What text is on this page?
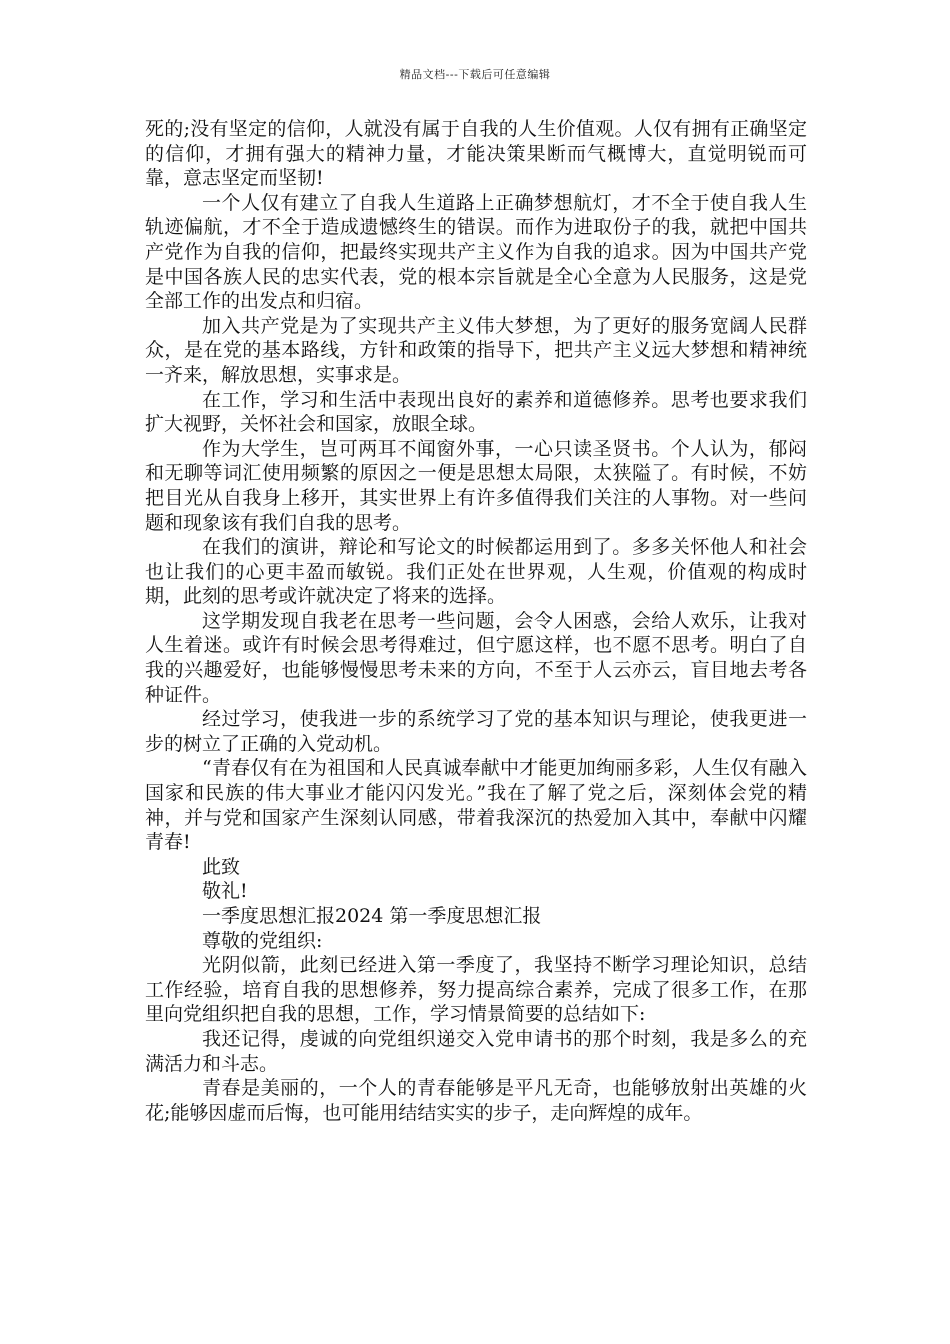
精品文档---下载后可任意编辑

死的;没有坚定的信仰，人就没有属于自我的人生价值观。人仅有拥有正确坚定的信仰，才拥有强大的精神力量，才能决策果断而气概博大，直觉明锐而可靠，意志坚定而坚韧!

一个人仅有建立了自我人生道路上正确梦想航灯，才不全于使自我人生轨迹偏航，才不全于造成遗憾终生的错误。而作为进取份子的我，就把中国共产党作为自我的信仰，把最终实现共产主义作为自我的追求。因为中国共产党是中国各族人民的忠实代表，党的根本宗旨就是全心全意为人民服务，这是党全部工作的出发点和归宿。

加入共产党是为了实现共产主义伟大梦想，为了更好的服务宽阔人民群众，是在党的基本路线，方针和政策的指导下，把共产主义远大梦想和精神统一齐来，解放思想，实事求是。

在工作，学习和生活中表现出良好的素养和道德修养。思考也要求我们扩大视野，关怀社会和国家，放眼全球。

作为大学生，岂可两耳不闻窗外事，一心只读圣贤书。个人认为，郁闷和无聊等词汇使用频繁的原因之一便是思想太局限，太狭隘了。有时候，不妨把目光从自我身上移开，其实世界上有许多值得我们关注的人事物。对一些问题和现象该有我们自我的思考。

在我们的演讲，辩论和写论文的时候都运用到了。多多关怀他人和社会也让我们的心更丰盈而敏锐。我们正处在世界观，人生观，价值观的构成时期，此刻的思考或许就决定了将来的选择。

这学期发现自我老在思考一些问题，会令人困惑，会给人欢乐，让我对人生着迷。或许有时候会思考得难过，但宁愿这样，也不愿不思考。明白了自我的兴趣爱好，也能够慢慢思考未来的方向，不至于人云亦云，盲目地去考各种证件。

经过学习，使我进一步的系统学习了党的基本知识与理论，使我更进一步的树立了正确的入党动机。

“青春仅有在为祖国和人民真诚奉献中才能更加绚丽多彩，人生仅有融入国家和民族的伟大事业才能闪闪发光。”我在了解了党之后，深刻体会党的精神，并与党和国家产生深刻认同感，带着我深沉的热爱加入其中，奉献中闪耀青春!

此致

敬礼!

一季度思想汇报2024 第一季度思想汇报

尊敬的党组织:

光阴似箭，此刻已经进入第一季度了，我坚持不断学习理论知识，总结工作经验，培育自我的思想修养，努力提高综合素养，完成了很多工作，在那里向党组织把自我的思想，工作，学习情景简要的总结如下:

我还记得，虔诚的向党组织递交入党申请书的那个时刻，我是多么的充满活力和斗志。

青春是美丽的，一个人的青春能够是平凡无奇，也能够放射出英雄的火花;能够因虚而后悔，也可能用结结实实的步子，走向辉煌的成年。
